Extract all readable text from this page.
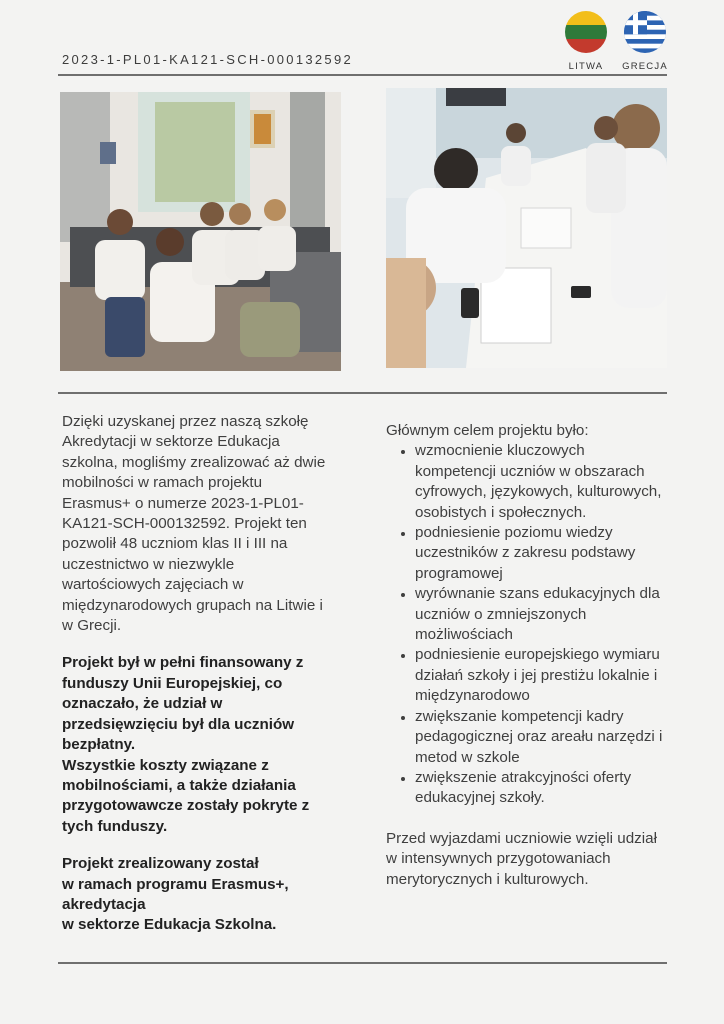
2023-1-PL01-KA121-SCH-000132592	LITWA	GRECJA

Dzięki uzyskanej przez naszą szkołę Akredytacji w sektorze Edukacja szkolna, mogliśmy zrealizować aż dwie mobilności w ramach projektu Erasmus+ o numerze 2023-1-PL01-KA121-SCH-000132592. Projekt ten pozwolił 48 uczniom klas II i III na uczestnictwo w niezwykle wartościowych zajęciach w międzynarodowych grupach na Litwie i w Grecji.

Projekt był w pełni finansowany z funduszy Unii Europejskiej, co oznaczało, że udział w przedsięwzięciu był dla uczniów bezpłatny.

Wszystkie koszty związane z mobilnościami, a także działania przygotowawcze zostały pokryte z tych funduszy.

Projekt zrealizowany został

w ramach programu Erasmus+,

akredytacja

w sektorze Edukacja Szkolna.

Głównym celem projektu było:

• wzmocnienie kluczowych kompetencji uczniów w obszarach cyfrowych, językowych, kulturowych, osobistych i społecznych.
• podniesienie poziomu wiedzy uczestników z zakresu podstawy programowej
• wyrównanie szans edukacyjnych dla uczniów o zmniejszonych możliwościach
• podniesienie europejskiego wymiaru działań szkoły i jej prestiżu lokalnie i międzynarodowo
• zwiększanie kompetencji kadry pedagogicznej oraz areału narzędzi i metod w szkole
• zwiększenie atrakcyjności oferty edukacyjnej szkoły.

Przed wyjazdami uczniowie wzięli udział w intensywnych przygotowaniach merytorycznych i kulturowych.
